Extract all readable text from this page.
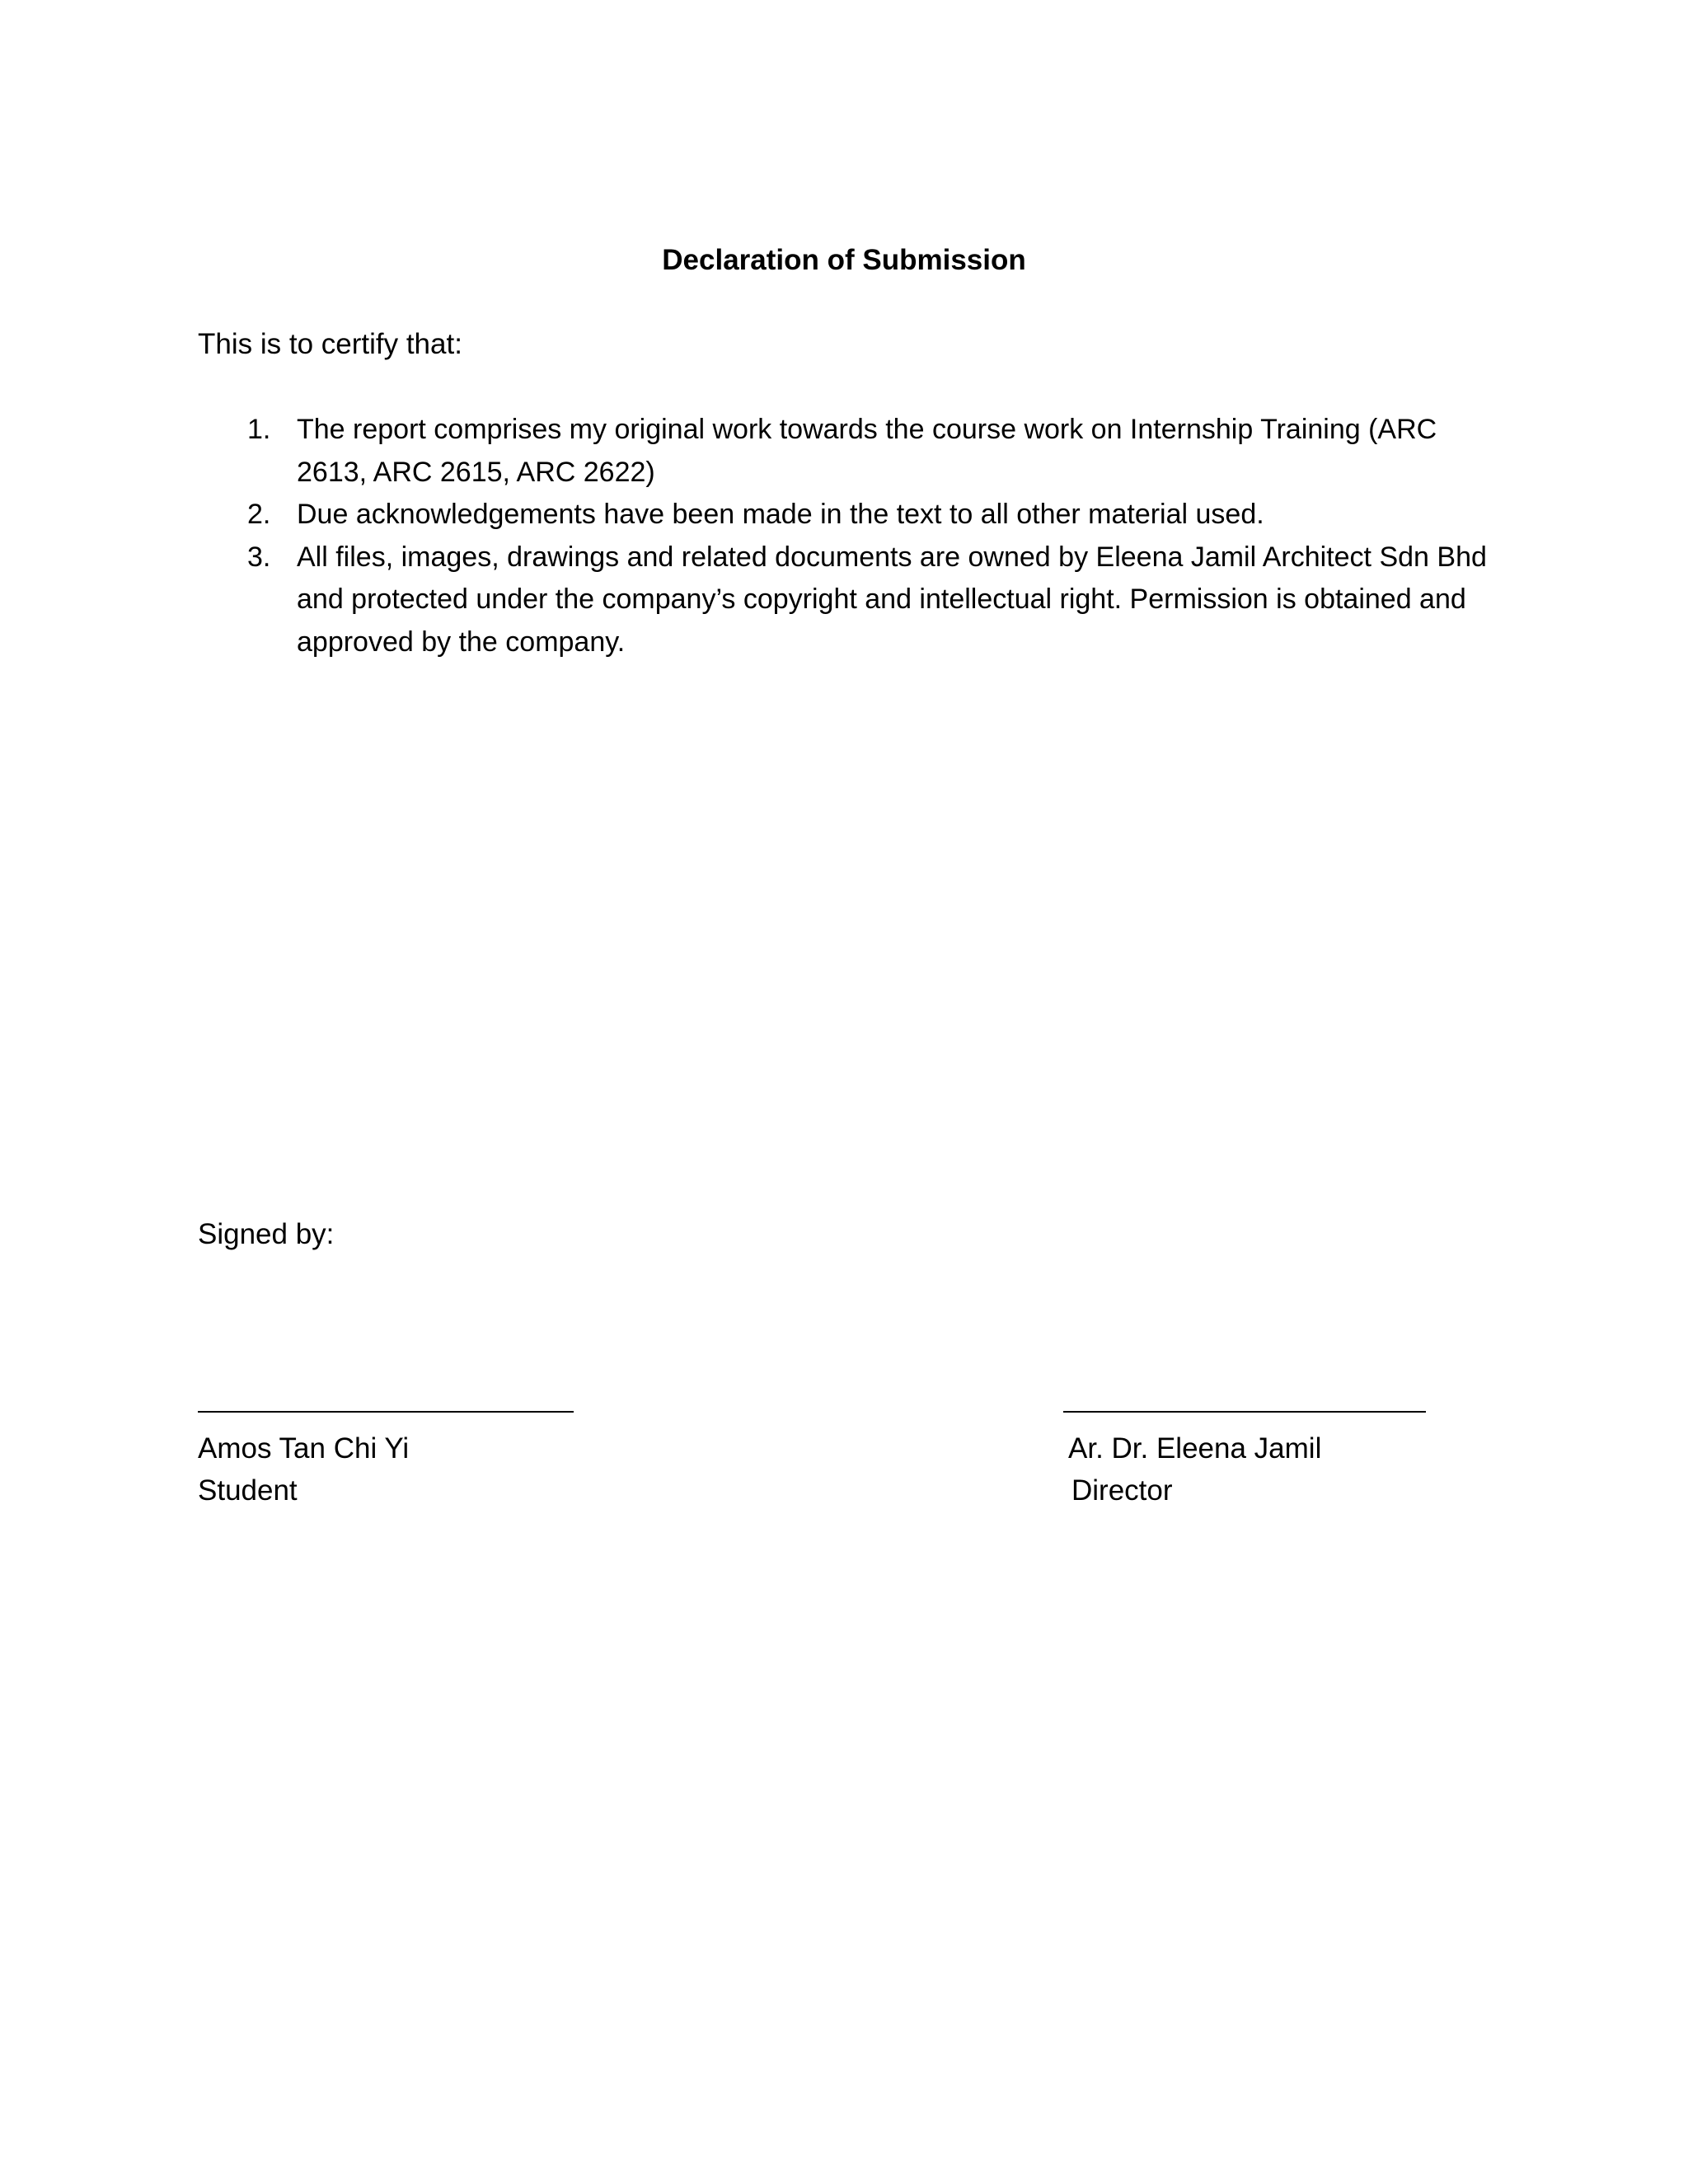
Declaration of Submission
This is to certify that:
1. The report comprises my original work towards the course work on Internship Training (ARC 2613, ARC 2615, ARC 2622)
2. Due acknowledgements have been made in the text to all other material used.
3. All files, images, drawings and related documents are owned by Eleena Jamil Architect Sdn Bhd and protected under the company’s copyright and intellectual right. Permission is obtained and approved by the company.
Signed by:
Amos Tan Chi Yi
Student
Ar. Dr. Eleena Jamil
Director
